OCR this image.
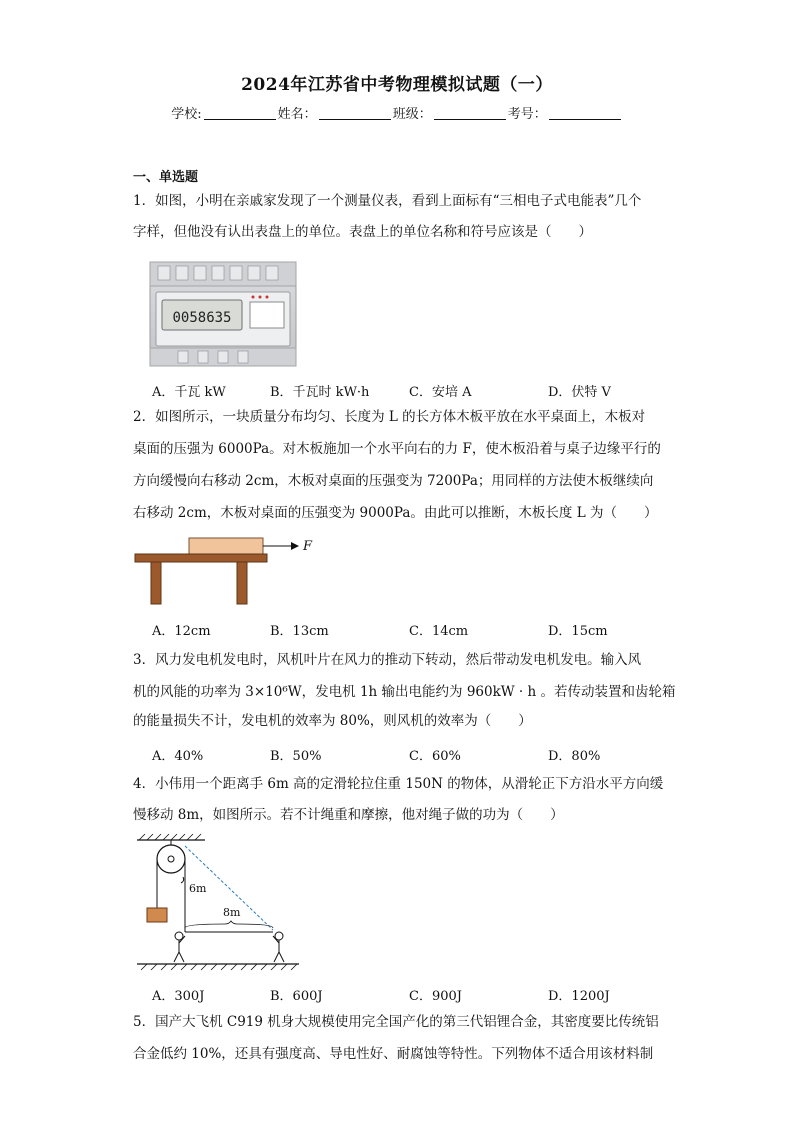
2024年江苏省中考物理模拟试题（一）
学校:	姓名：	班级：	考号：
一、单选题
1．如图，小明在亲戚家发现了一个测量仪表，看到上面标有“三相电子式电能表”几个
字样，但他没有认出表盘上的单位。表盘上的单位名称和符号应该是（　　）
0058635
A．千瓦 kW	B．千瓦时 kW·h	C．安培 A	D．伏特 V
2．如图所示，一块质量分布均匀、长度为 L 的长方体木板平放在水平桌面上，木板对
桌面的压强为 6000Pa。对木板施加一个水平向右的力 F，使木板沿着与桌子边缘平行的
方向缓慢向右移动 2cm，木板对桌面的压强变为 7200Pa；用同样的方法使木板继续向
右移动 2cm，木板对桌面的压强变为 9000Pa。由此可以推断，木板长度 L 为（　　）
F
A．12cm	B．13cm	C．14cm	D．15cm
3．风力发电机发电时，风机叶片在风力的推动下转动，然后带动发电机发电。输入风
机的风能的功率为 3×10⁶W，发电机 1h 输出电能约为 960kW · h 。若传动装置和齿轮箱
的能量损失不计，发电机的效率为 80%，则风机的效率为（　　）
A．40%	B．50%	C．60%	D．80%
4．小伟用一个距离手 6m 高的定滑轮拉住重 150N 的物体，从滑轮正下方沿水平方向缓
慢移动 8m，如图所示。若不计绳重和摩擦，他对绳子做的功为（　　）
6m
8m
A．300J	B．600J	C．900J	D．1200J
5．国产大飞机 C919 机身大规模使用完全国产化的第三代铝锂合金，其密度要比传统铝
合金低约 10%，还具有强度高、导电性好、耐腐蚀等特性。下列物体不适合用该材料制
